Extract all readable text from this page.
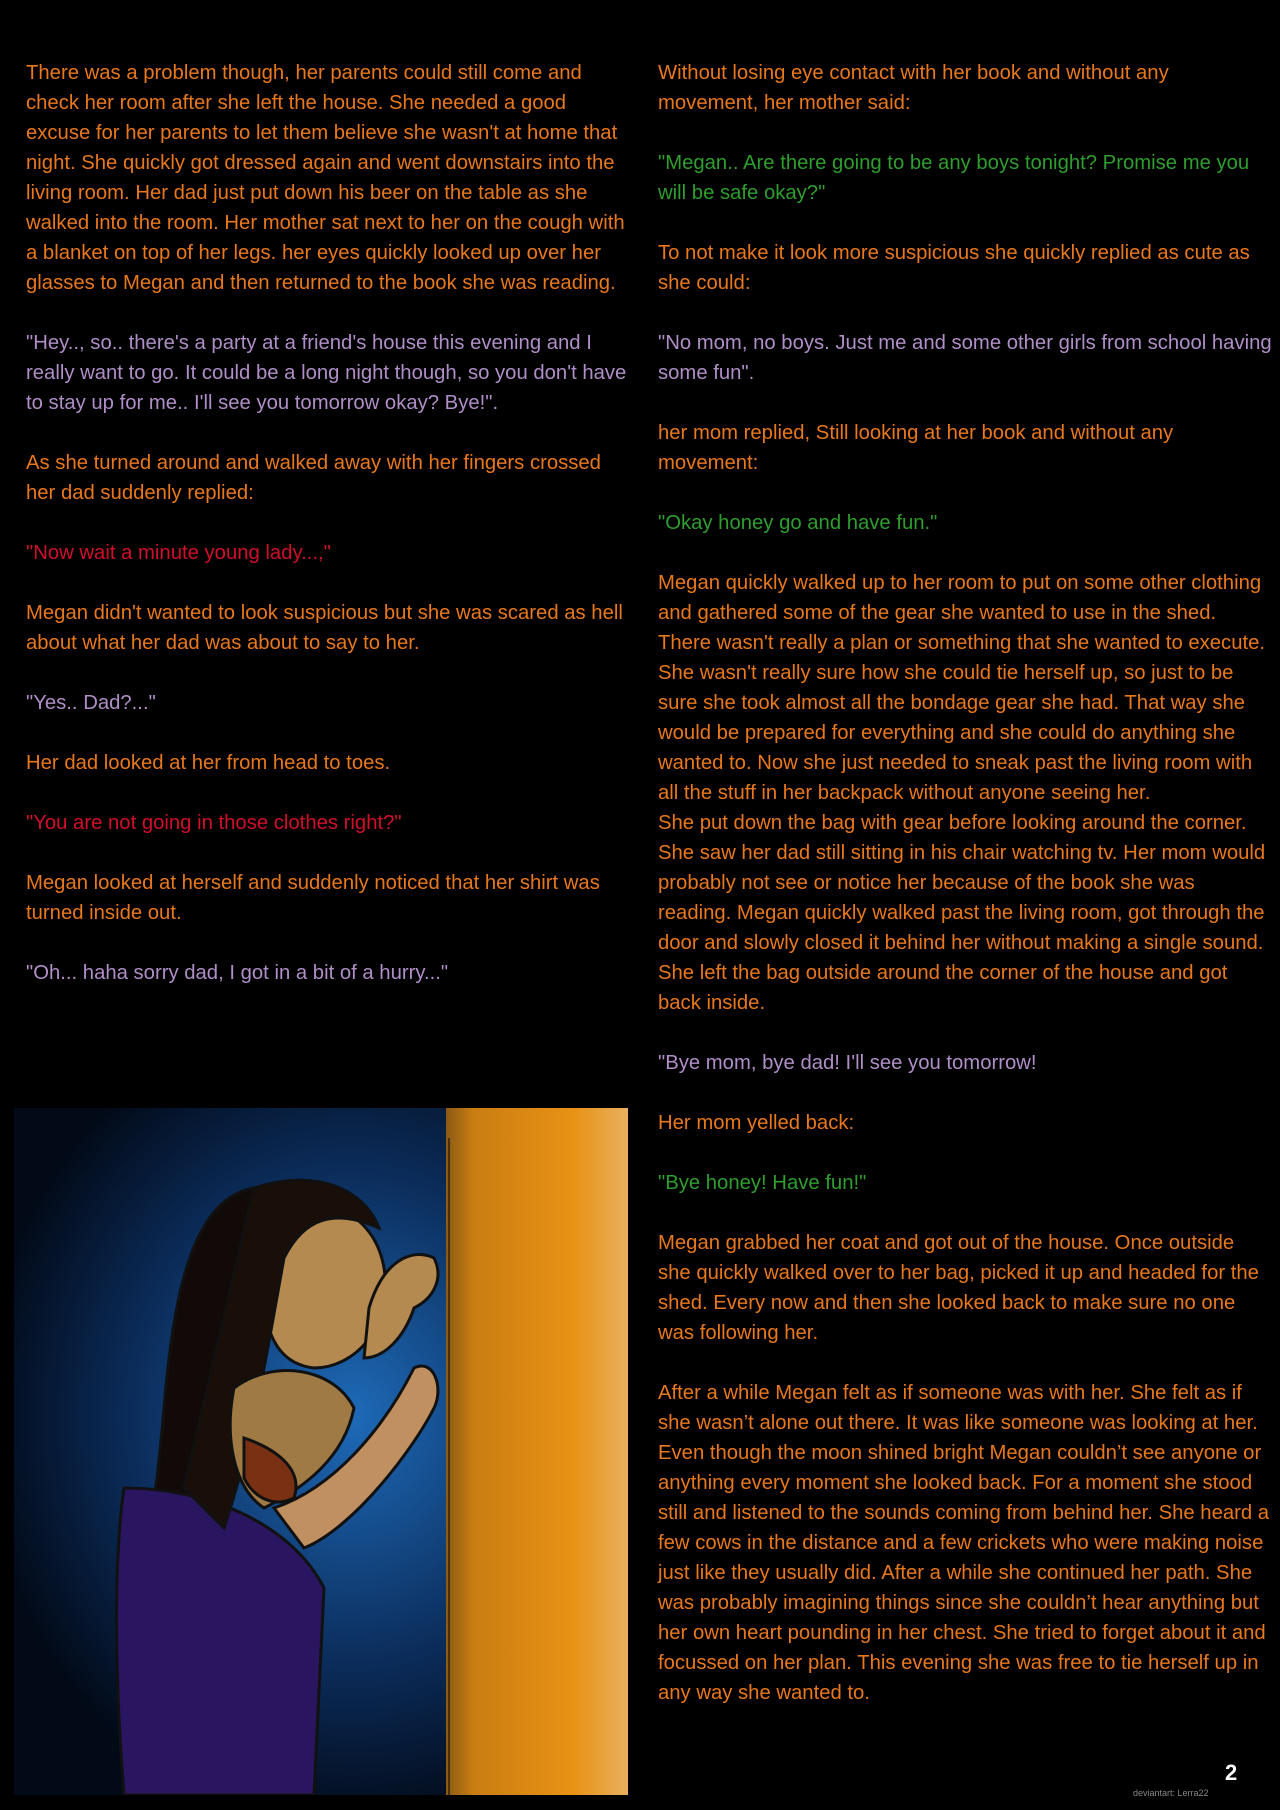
There was a problem though, her parents could still come and check her room after she left the house. She needed a good excuse for her parents to let them believe she wasn't at home that night. She quickly got dressed again and went downstairs into the living room. Her dad just put down his beer on the table as she walked into the room. Her mother sat next to her on the cough with a blanket on top of her legs. her eyes quickly looked up over her glasses to Megan and then returned to the book she was reading.

"Hey.., so.. there's a party at a friend's house this evening and I really want to go. It could be a long night though, so you don't have to stay up for me.. I'll see you tomorrow okay? Bye!".

As she turned around and walked away with her fingers crossed her dad suddenly replied:

"Now wait a minute young lady...,"

Megan didn't wanted to look suspicious but she was scared as hell about what her dad was about to say to her.

"Yes.. Dad?..."

Her dad looked at her from head to toes.

"You are not going in those clothes right?"

Megan looked at herself and suddenly noticed that her shirt was turned inside out.

"Oh... haha sorry dad, I got in a bit of a hurry..."

Without losing eye contact with her book and without any movement, her mother said:

"Megan.. Are there going to be any boys tonight? Promise me you will be safe okay?"

To not make it look more suspicious she quickly replied as cute as she could:

"No mom, no boys. Just me and some other girls from school having some fun".

her mom replied, Still looking at her book and without any movement:

"Okay honey go and have fun."

Megan quickly walked up to her room to put on some other clothing and gathered some of the gear she wanted to use in the shed. There wasn't really a plan or something that she wanted to execute. She wasn't really sure how she could tie herself up, so just to be sure she took almost all the bondage gear she had. That way she would be prepared for everything and she could do anything she wanted to. Now she just needed to sneak past the living room with all the stuff in her backpack without anyone seeing her.

She put down the bag with gear before looking around the corner. She saw her dad still sitting in his chair watching tv. Her mom would probably not see or notice her because of the book she was reading. Megan quickly walked past the living room, got through the door and slowly closed it behind her without making a single sound. She left the bag outside around the corner of the house and got back inside.

"Bye mom, bye dad! I'll see you tomorrow!

Her mom yelled back:

"Bye honey! Have fun!"

Megan grabbed her coat and got out of the house. Once outside she quickly walked over to her bag, picked it up and headed for the shed. Every now and then she looked back to make sure no one was following her.

After a while Megan felt as if someone was with her. She felt as if she wasn’t alone out there. It was like someone was looking at her. Even though the moon shined bright Megan couldn’t see anyone or anything every moment she looked back. For a moment she stood still and listened to the sounds coming from behind her. She heard a few cows in the distance and a few crickets who were making noise just like they usually did. After a while she continued her path. She was probably imagining things since she couldn’t hear anything but her own heart pounding in her chest. She tried to forget about it and focussed on her plan. This evening she was free to tie herself up in any way she wanted to.

2
deviantart: Lerra22
